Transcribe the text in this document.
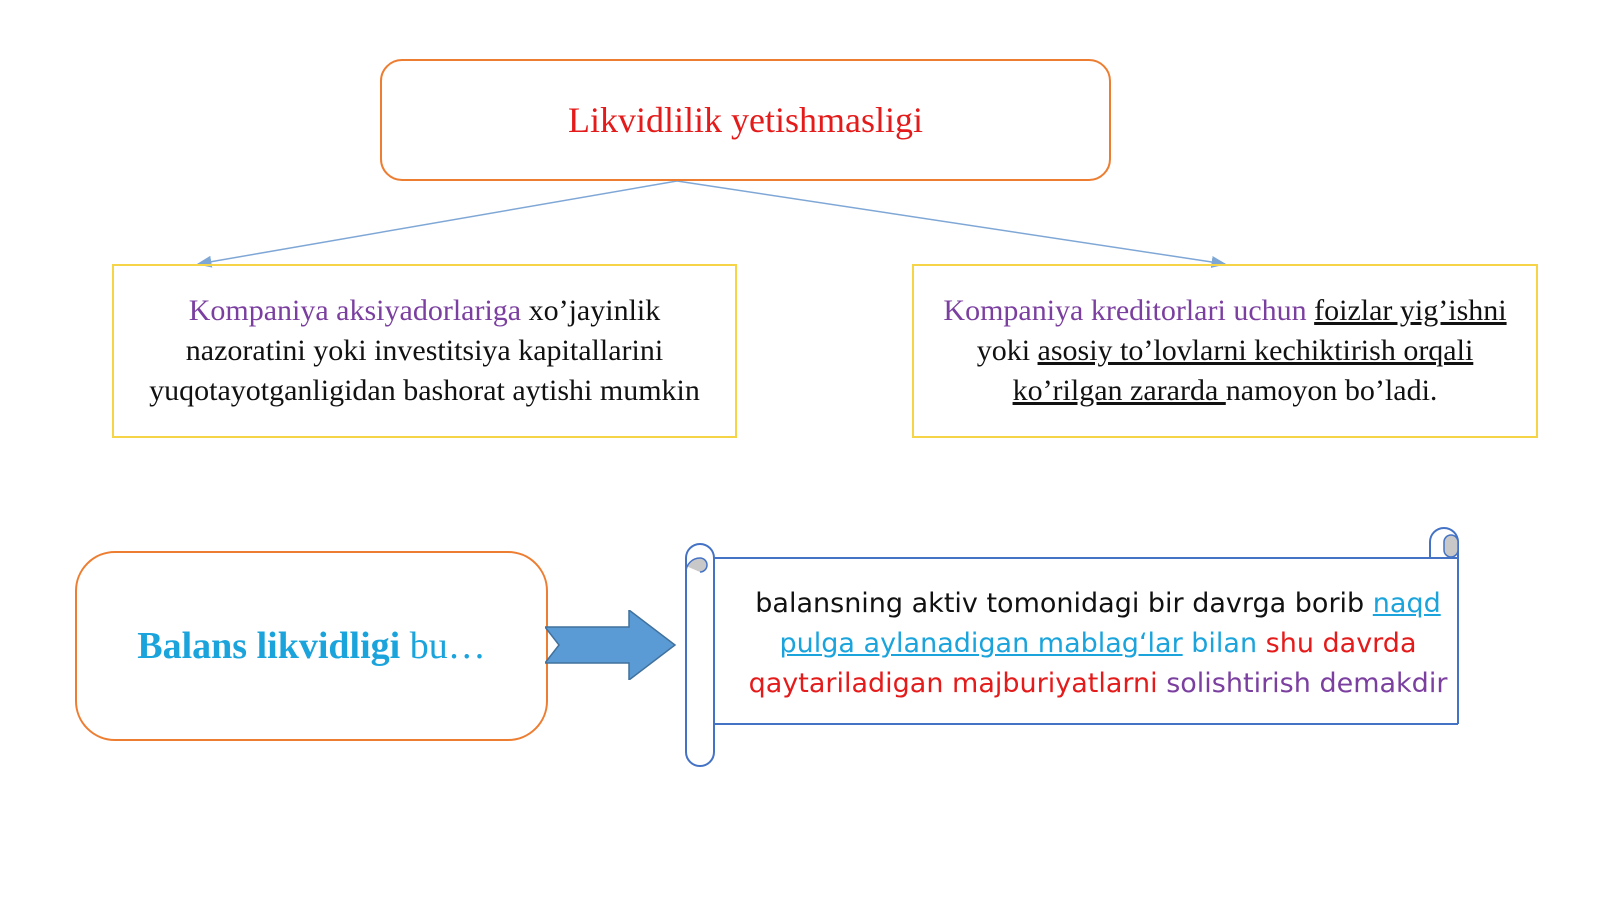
Likvidlilik yetishmasligi
Kompaniya aksiyadorlariga xo’jayinlik nazoratini yoki investitsiya kapitallarini yuqotayotganligidan bashorat aytishi mumkin
Kompaniya kreditorlari uchun foizlar yig’ishni yoki asosiy to’lovlarni kechiktirish orqali ko’rilgan zararda namoyon bo’ladi.
Balans likvidligi bu…
balansning aktiv tomonidagi bir davrga borib naqd pulga aylanadigan mablag‘lar bilan shu davrda qaytariladigan majburiyatlarni solishtirish demakdir
